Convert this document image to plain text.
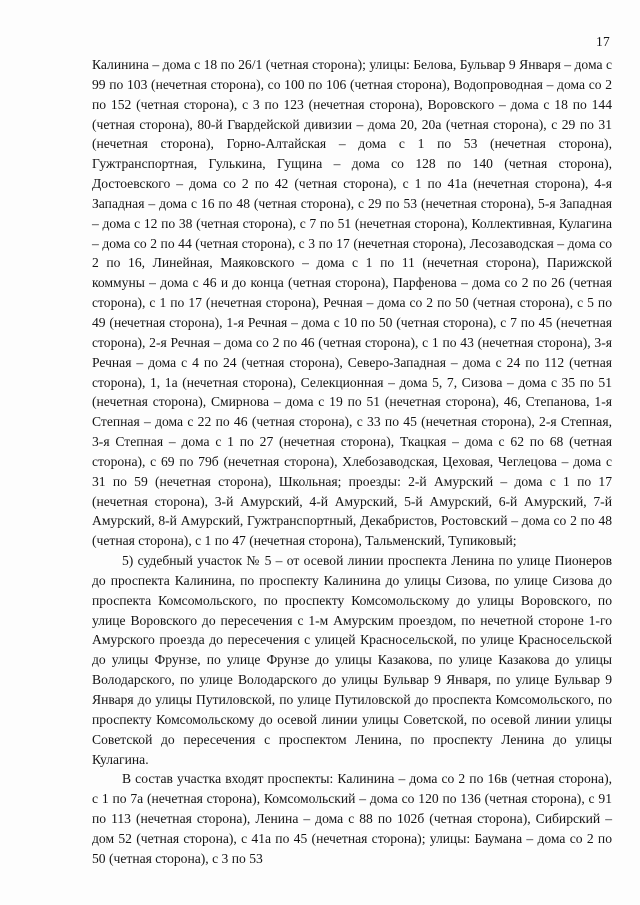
17

Калинина – дома с 18 по 26/1 (четная сторона); улицы: Белова, Бульвар 9 Января – дома с 99 по 103 (нечетная сторона), со 100 по 106 (четная сторона), Водопроводная – дома со 2 по 152 (четная сторона), с 3 по 123 (нечетная сторона), Воровского – дома с 18 по 144 (четная сторона), 80-й Гвардейской дивизии – дома 20, 20а (четная сторона), с 29 по 31 (нечетная сторона), Горно-Алтайская – дома с 1 по 53 (нечетная сторона), Гужтранспортная, Гулькина, Гущина – дома со 128 по 140 (четная сторона), Достоевского – дома со 2 по 42 (четная сторона), с 1 по 41а (нечетная сторона), 4-я Западная – дома с 16 по 48 (четная сторона), с 29 по 53 (нечетная сторона), 5-я Западная – дома с 12 по 38 (четная сторона), с 7 по 51 (нечетная сторона), Коллективная, Кулагина – дома со 2 по 44 (четная сторона), с 3 по 17 (нечетная сторона), Лесозаводская – дома со 2 по 16, Линейная, Маяковского – дома с 1 по 11 (нечетная сторона), Парижской коммуны – дома с 46 и до конца (четная сторона), Парфенова – дома со 2 по 26 (четная сторона), с 1 по 17 (нечетная сторона), Речная – дома со 2 по 50 (четная сторона), с 5 по 49 (нечетная сторона), 1-я Речная – дома с 10 по 50 (четная сторона), с 7 по 45 (нечетная сторона), 2-я Речная – дома со 2 по 46 (четная сторона), с 1 по 43 (нечетная сторона), 3-я Речная – дома с 4 по 24 (четная сторона), Северо-Западная – дома с 24 по 112 (четная сторона), 1, 1а (нечетная сторона), Селекционная – дома 5, 7, Сизова – дома с 35 по 51 (нечетная сторона), Смирнова – дома с 19 по 51 (нечетная сторона), 46, Степанова, 1-я Степная – дома с 22 по 46 (четная сторона), с 33 по 45 (нечетная сторона), 2-я Степная, 3-я Степная – дома с 1 по 27 (нечетная сторона), Ткацкая – дома с 62 по 68 (четная сторона), с 69 по 79б (нечетная сторона), Хлебозаводская, Цеховая, Чеглецова – дома с 31 по 59 (нечетная сторона), Школьная; проезды: 2-й Амурский – дома с 1 по 17 (нечетная сторона), 3-й Амурский, 4-й Амурский, 5-й Амурский, 6-й Амурский, 7-й Амурский, 8-й Амурский, Гужтранспортный, Декабристов, Ростовский – дома со 2 по 48 (четная сторона), с 1 по 47 (нечетная сторона), Тальменский, Тупиковый;

5) судебный участок № 5 – от осевой линии проспекта Ленина по улице Пионеров до проспекта Калинина, по проспекту Калинина до улицы Сизова, по улице Сизова до проспекта Комсомольского, по проспекту Комсомольскому до улицы Воровского, по улице Воровского до пересечения с 1-м Амурским проездом, по нечетной стороне 1-го Амурского проезда до пересечения с улицей Красносельской, по улице Красносельской до улицы Фрунзе, по улице Фрунзе до улицы Казакова, по улице Казакова до улицы Володарского, по улице Володарского до улицы Бульвар 9 Января, по улице Бульвар 9 Января до улицы Путиловской, по улице Путиловской до проспекта Комсомольского, по проспекту Комсомольскому до осевой линии улицы Советской, по осевой линии улицы Советской до пересечения с проспектом Ленина, по проспекту Ленина до улицы Кулагина.

В состав участка входят проспекты: Калинина – дома со 2 по 16в (четная сторона), с 1 по 7а (нечетная сторона), Комсомольский – дома со 120 по 136 (четная сторона), с 91 по 113 (нечетная сторона), Ленина – дома с 88 по 102б (четная сторона), Сибирский – дом 52 (четная сторона), с 41а по 45 (нечетная сторона); улицы: Баумана – дома со 2 по 50 (четная сторона), с 3 по 53
